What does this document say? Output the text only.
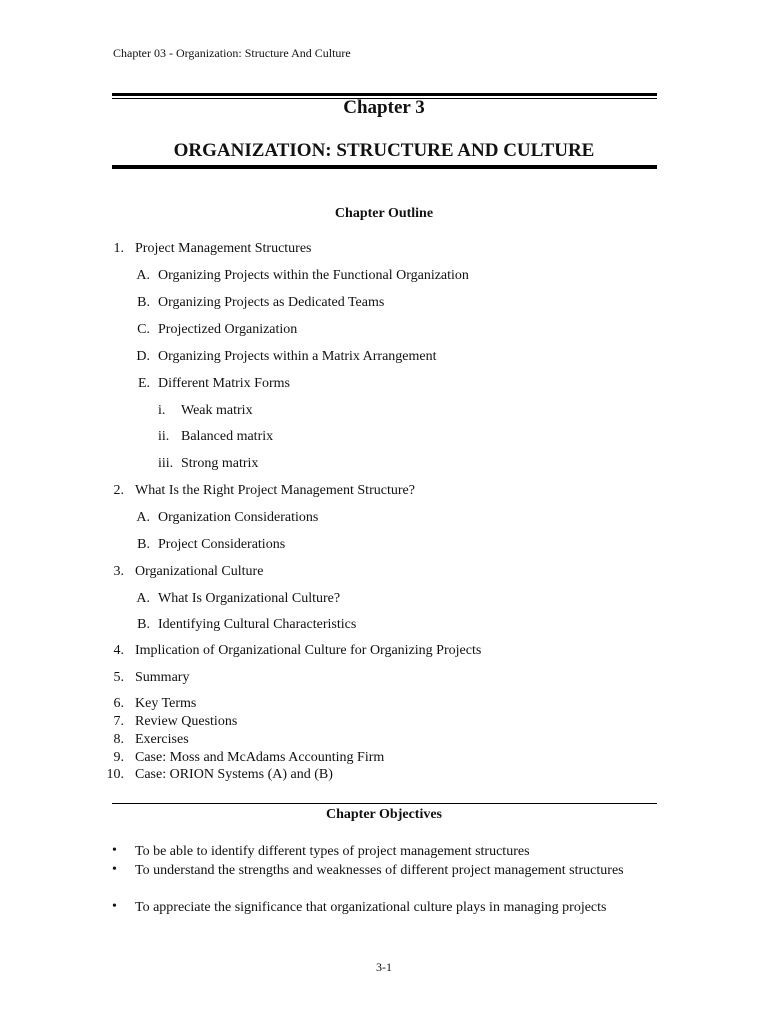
Chapter 03 - Organization: Structure And Culture
Chapter 3
ORGANIZATION: STRUCTURE AND CULTURE
Chapter Outline
1. Project Management Structures
A. Organizing Projects within the Functional Organization
B. Organizing Projects as Dedicated Teams
C. Projectized Organization
D. Organizing Projects within a Matrix Arrangement
E. Different Matrix Forms
i. Weak matrix
ii. Balanced matrix
iii. Strong matrix
2. What Is the Right Project Management Structure?
A. Organization Considerations
B. Project Considerations
3. Organizational Culture
A. What Is Organizational Culture?
B. Identifying Cultural Characteristics
4. Implication of Organizational Culture for Organizing Projects
5. Summary
6. Key Terms
7. Review Questions
8. Exercises
9. Case: Moss and McAdams Accounting Firm
10. Case: ORION Systems (A) and (B)
Chapter Objectives
• To be able to identify different types of project management structures
• To understand the strengths and weaknesses of different project management structures
• To appreciate the significance that organizational culture plays in managing projects
3-1
